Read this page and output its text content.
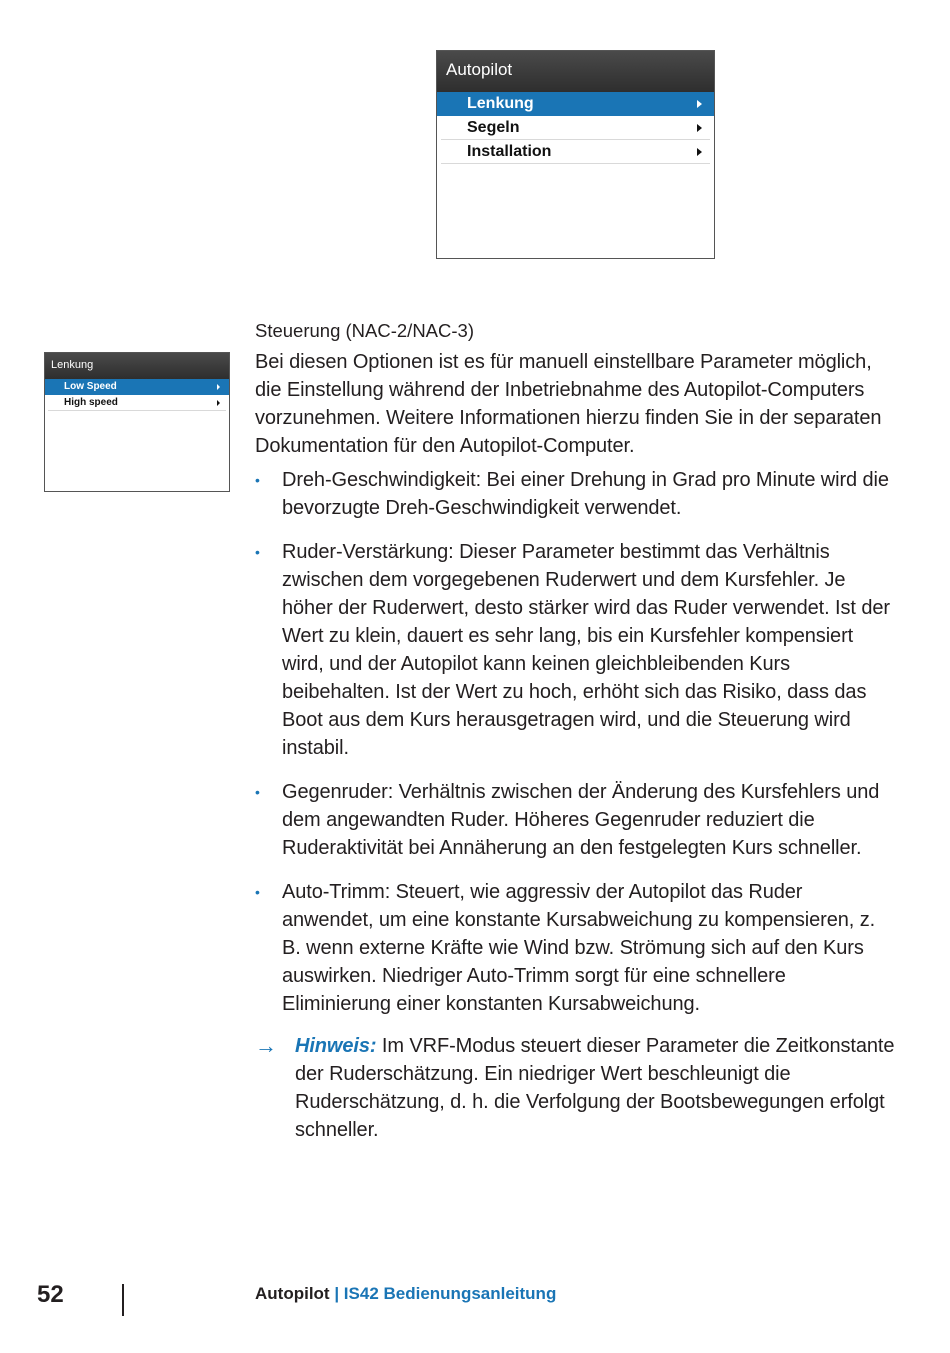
Autopilot
Lenkung
Segeln
Installation
Lenkung
Low Speed
High speed
Steuerung (NAC-2/NAC-3)

Bei diesen Optionen ist es für manuell einstellbare Parameter möglich, die Einstellung während der Inbetriebnahme des Autopilot-Computers vorzunehmen. Weitere Informationen hierzu finden Sie in der separaten Dokumentation für den Autopilot-Computer.

• Dreh-Geschwindigkeit: Bei einer Drehung in Grad pro Minute wird die bevorzugte Dreh-Geschwindigkeit verwendet.
• Ruder-Verstärkung: Dieser Parameter bestimmt das Verhältnis zwischen dem vorgegebenen Ruderwert und dem Kursfehler. Je höher der Ruderwert, desto stärker wird das Ruder verwendet. Ist der Wert zu klein, dauert es sehr lang, bis ein Kursfehler kompensiert wird, und der Autopilot kann keinen gleichbleibenden Kurs beibehalten. Ist der Wert zu hoch, erhöht sich das Risiko, dass das Boot aus dem Kurs herausgetragen wird, und die Steuerung wird instabil.
• Gegenruder: Verhältnis zwischen der Änderung des Kursfehlers und dem angewandten Ruder. Höheres Gegenruder reduziert die Ruderaktivität bei Annäherung an den festgelegten Kurs schneller.
• Auto-Trimm: Steuert, wie aggressiv der Autopilot das Ruder anwendet, um eine konstante Kursabweichung zu kompensieren, z. B. wenn externe Kräfte wie Wind bzw. Strömung sich auf den Kurs auswirken. Niedriger Auto-Trimm sorgt für eine schnellere Eliminierung einer konstanten Kursabweichung.
→ Hinweis: Im VRF-Modus steuert dieser Parameter die Zeitkonstante der Ruderschätzung. Ein niedriger Wert beschleunigt die Ruderschätzung, d. h. die Verfolgung der Bootsbewegungen erfolgt schneller.
52	Autopilot | IS42 Bedienungsanleitung
